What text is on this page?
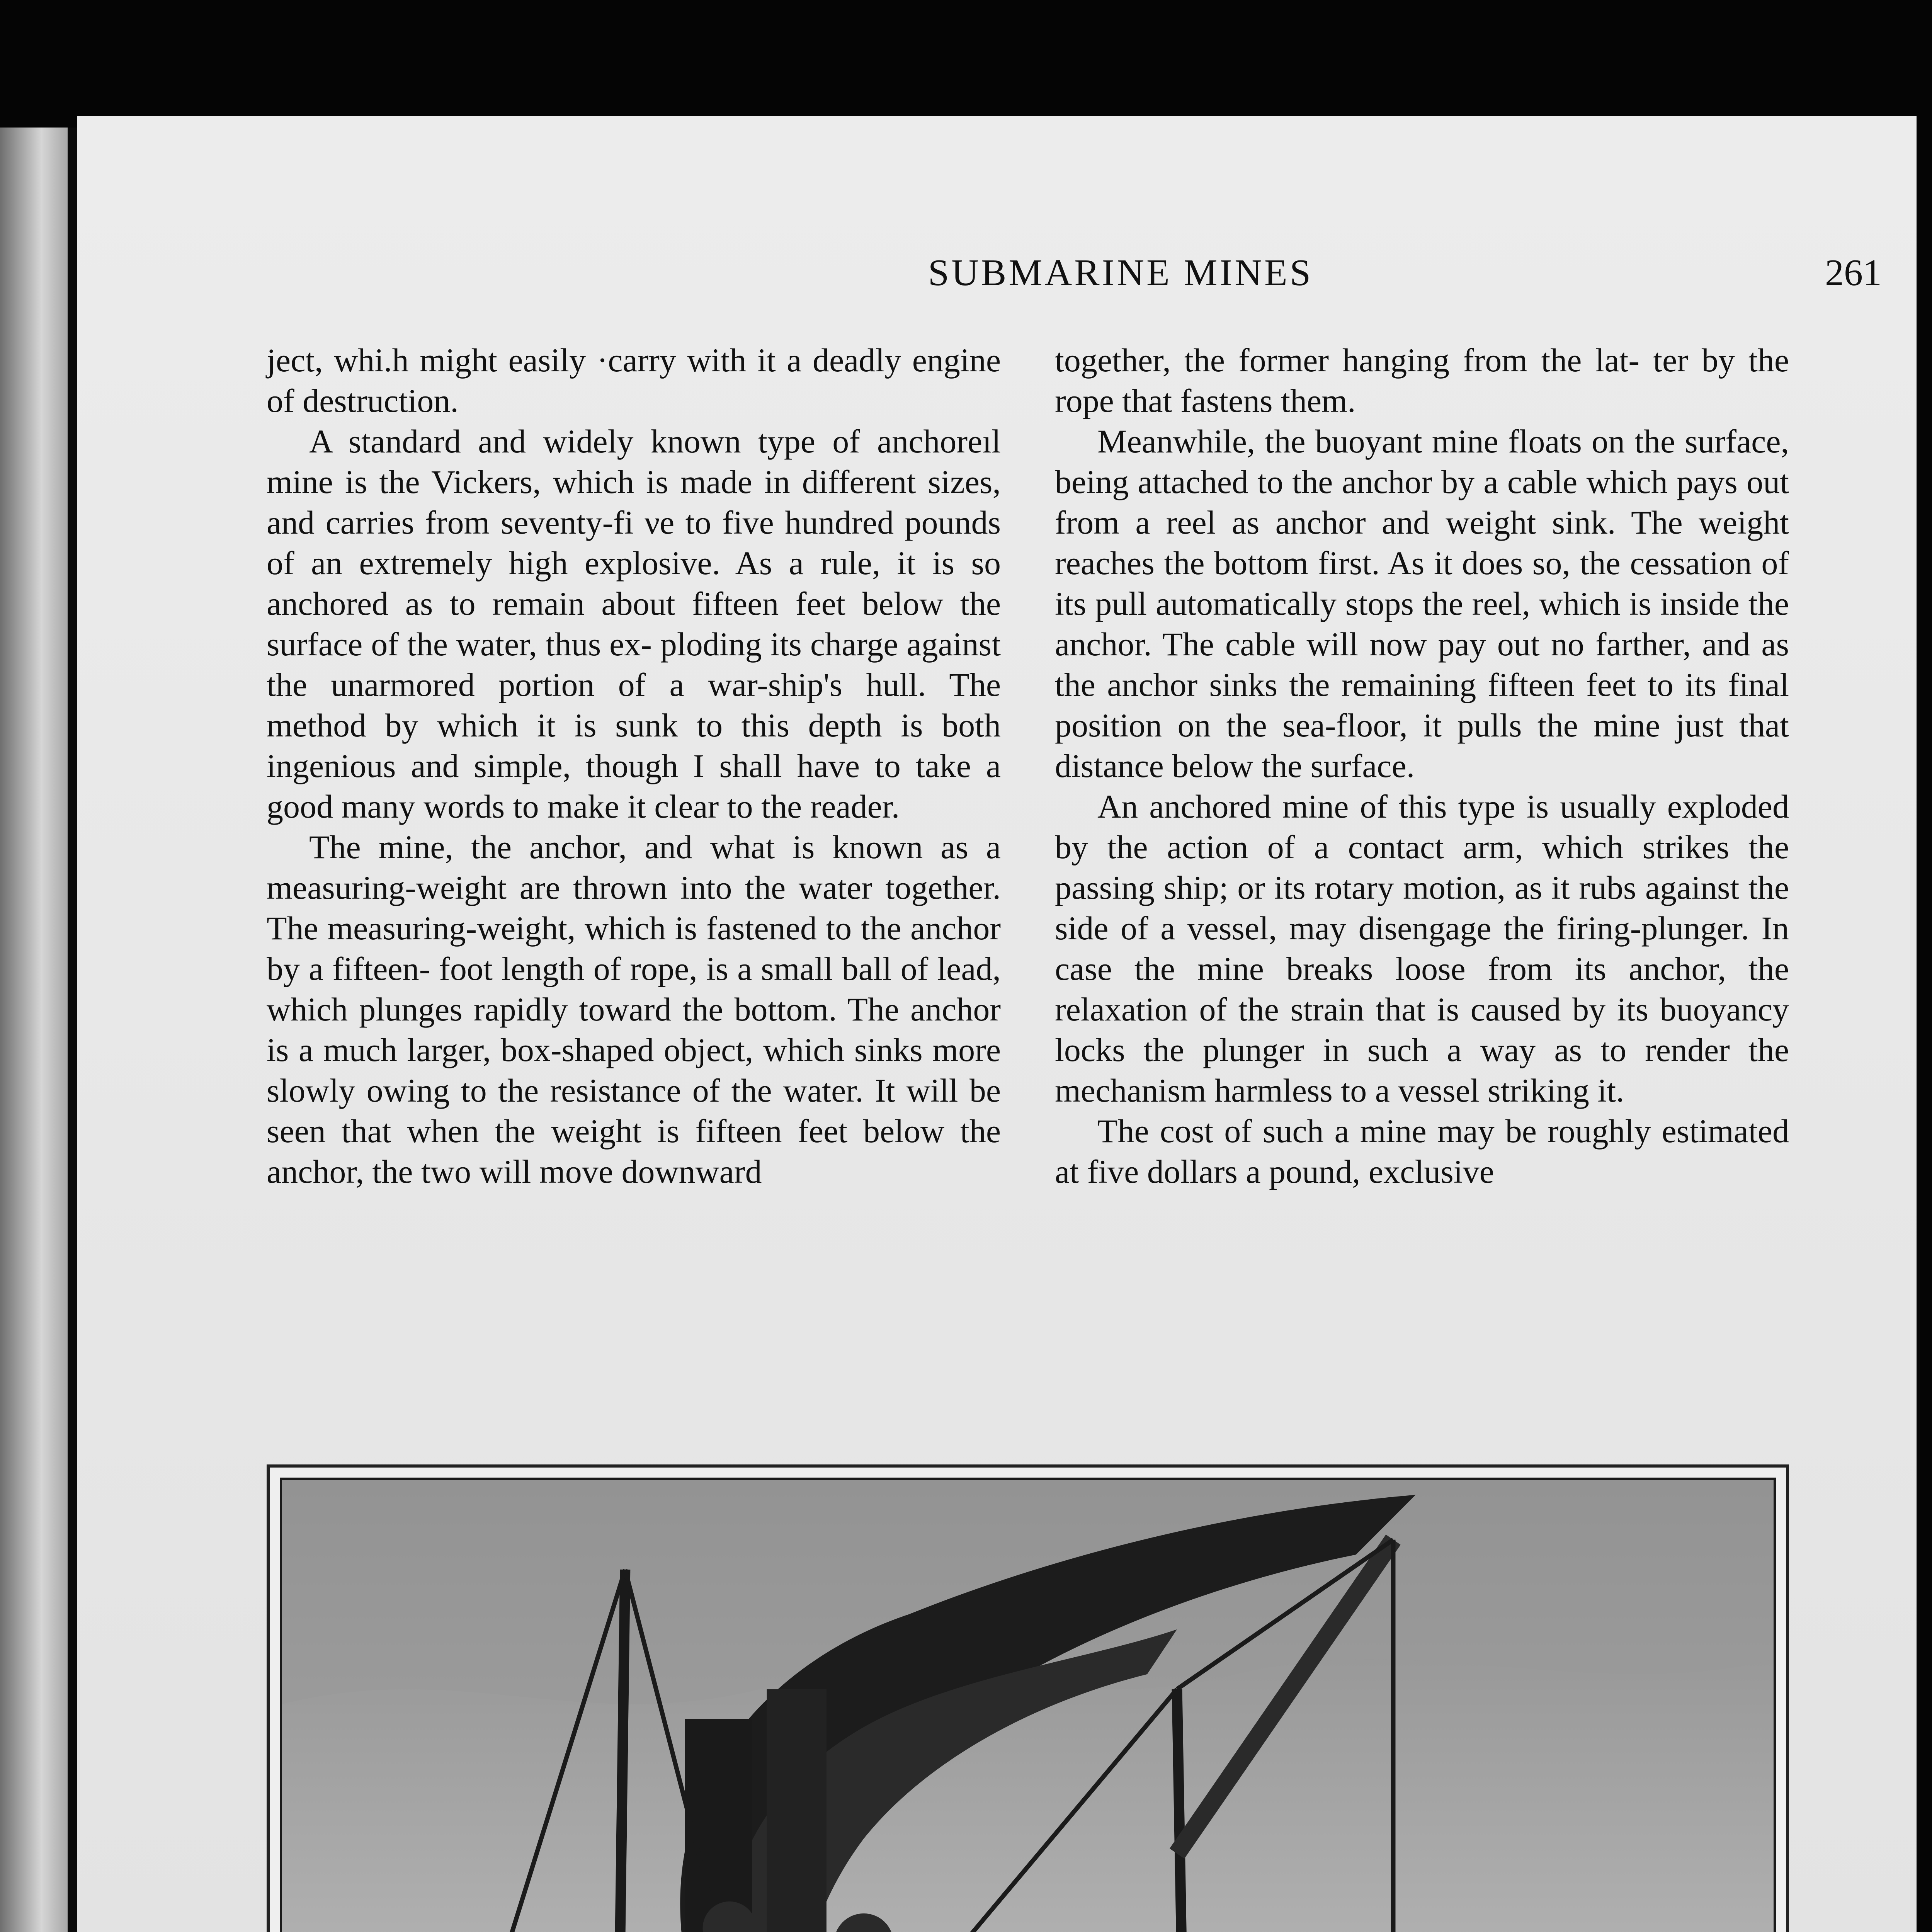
SUBMARINE MINES	261

ject, whi.h might easily ·carry with it a deadly engine of destruction.

A standard and widely known type of anchoreıl mine is the Vickers, which is made in different sizes, and carries from seventy-fi νe to five hundred pounds of an extremely high explosive. As a rule, it is so anchored as to remain about fifteen feet below the surface of the water, thus ex- ploding its charge against the unarmored portion of a war-ship's hull. The method by which it is sunk to this depth is both ingenious and simple, though I shall have to take a good many words to make it clear to the reader.

The mine, the anchor, and what is known as a measuring-weight are thrown into the water together. The measuring-weight, which is fastened to the anchor by a fifteen- foot length of rope, is a small ball of lead, which plunges rapidly toward the bottom. The anchor is a much larger, box-shaped object, which sinks more slowly owing to the resistance of the water. It will be seen that when the weight is fifteen feet below the anchor, the two will move downward

together, the former hanging from the lat- ter by the rope that fastens them.

Meanwhile, the buoyant mine floats on the surface, being attached to the anchor by a cable which pays out from a reel as anchor and weight sink. The weight reaches the bottom first. As it does so, the cessation of its pull automatically stops the reel, which is inside the anchor. The cable will now pay out no farther, and as the anchor sinks the remaining fifteen feet to its final position on the sea-floor, it pulls the mine just that distance below the surface.

An anchored mine of this type is usually exploded by the action of a contact arm, which strikes the passing ship; or its rotary motion, as it rubs against the side of a vessel, may disengage the firing-plunger. In case the mine breaks loose from its anchor, the relaxation of the strain that is caused by its buoyancy locks the plunger in such a way as to render the mechanism harmless to a vessel striking it.

The cost of such a mine may be roughly estimated at five dollars a pound, exclusive
